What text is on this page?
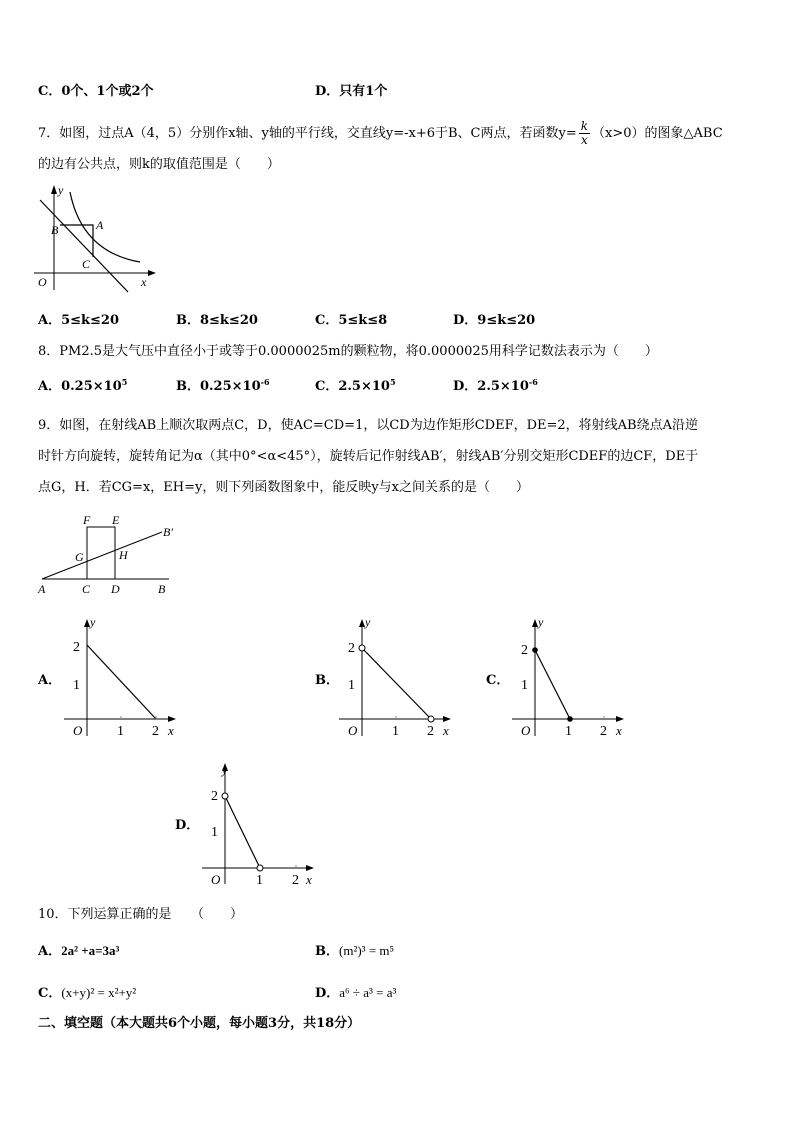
C．0个、1个或2个	D．只有1个
7．如图，过点A（4，5）分别作x轴、y轴的平行线，交直线y=-x+6于B、C两点，若函数$y= \frac{k}{x} (x>0)$的图象△ABC
的边有公共点，则k的取值范围是（　　）
y
x
O
A
B
C
A．5≤k≤20	B．8≤k≤20	C．5≤k≤8	D．9≤k≤20
8．PM2.5是大气压中直径小于或等于0.0000025m的颗粒物，将0.0000025用科学记数法表示为（　　）
A．$0.25\times 10^5$	B．$0.25\times 10^{-6}$	C．$2.5\times 10^5$	D．$2.5\times 10^{-6}$
9．如图，在射线AB上顺次取两点C，D，使AC=CD=1，以CD为边作矩形CDEF，DE=2，将射线AB绕点A沿逆
时针方向旋转，旋转角记为α（其中0°<α<45°），旋转后记作射线AB′，射线AB′分别交矩形CDEF的边CF，DE于
点G，H．若CG=x，EH=y，则下列函数图象中，能反映y与x之间关系的是（　　）
F E
B′
G	H
A	C D	B
A．
y
x
O 1 2
1
2
B．
y
x
O 1 2
1
2
C．
y
x
O 1 2
1
2
D．
y
x
O	1 2
1
2
10．下列运算正确的是　　（　　）
A．2a² +a=3a³	B．(m²)³ = m⁵
C．(x+y)² = x²+y²	D．a⁶ ÷ a³ = a³
二、填空题（本大题共6个小题，每小题3分，共18分）
